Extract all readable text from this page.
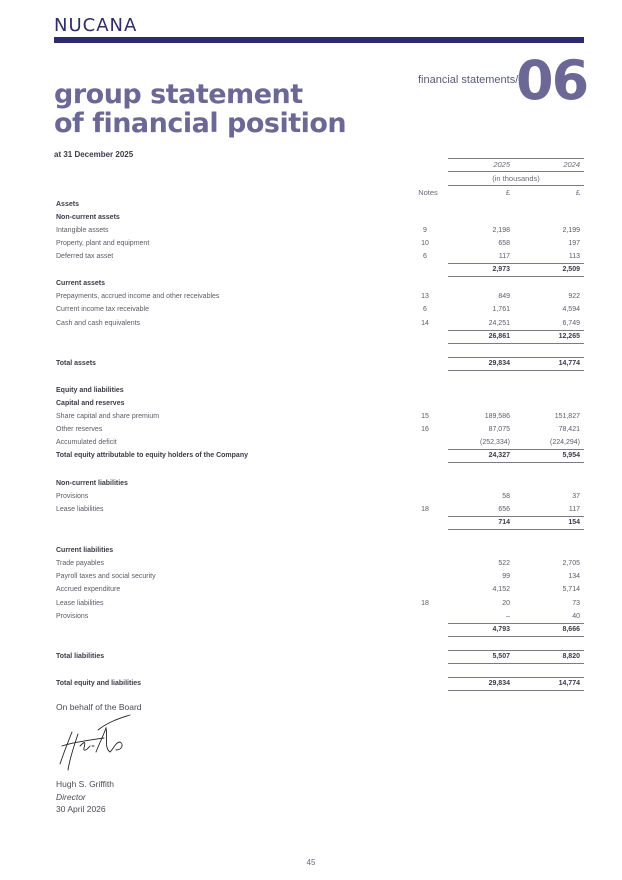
NUCANA
financial statements/
06
group statement
of financial position
at 31 December 2025
2025	2024
(in thousands)
Notes	£	£
Assets
Non-current assets
Intangible assets	9	2,198	2,199
Property, plant and equipment	10	658	197
Deferred tax asset	6	117	113
2,973	2,509
Current assets
Prepayments, accrued income and other receivables	13	849	922
Current income tax receivable	6	1,761	4,594
Cash and cash equivalents	14	24,251	6,749
26,861	12,265
Total assets	29,834	14,774
Equity and liabilities
Capital and reserves
Share capital and share premium	15	189,586	151,827
Other reserves	16	87,075	78,421
Accumulated deficit	(252,334)	(224,294)
Total equity attributable to equity holders of the Company	24,327	5,954
Non-current liabilities
Provisions	58	37
Lease liabilities	18	656	117
714	154
Current liabilities
Trade payables	522	2,705
Payroll taxes and social security	99	134
Accrued expenditure	4,152	5,714
Lease liabilities	18	20	73
Provisions	–	40
4,793	8,666
Total liabilities	5,507	8,820
Total equity and liabilities	29,834	14,774
On behalf of the Board
Hugh S. Griffith
Director
30 April 2026
45
